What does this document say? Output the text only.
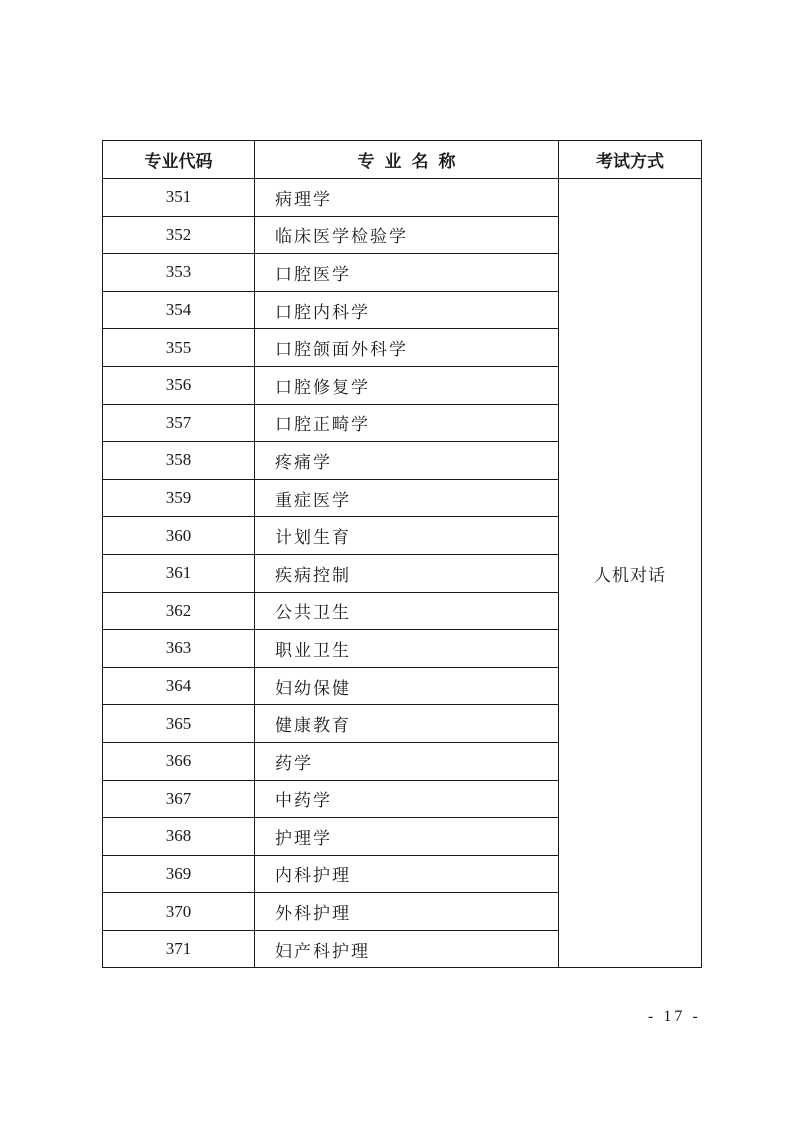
专业代码	专业名称	考试方式
351	病理学	人机对话
352	临床医学检验学	
353	口腔医学	
354	口腔内科学	
355	口腔颌面外科学	
356	口腔修复学	
357	口腔正畸学	
358	疼痛学	
359	重症医学	
360	计划生育	
361	疾病控制	
362	公共卫生	
363	职业卫生	
364	妇幼保健	
365	健康教育	
366	药学	
367	中药学	
368	护理学	
369	内科护理	
370	外科护理	
371	妇产科护理	
- 17 -
